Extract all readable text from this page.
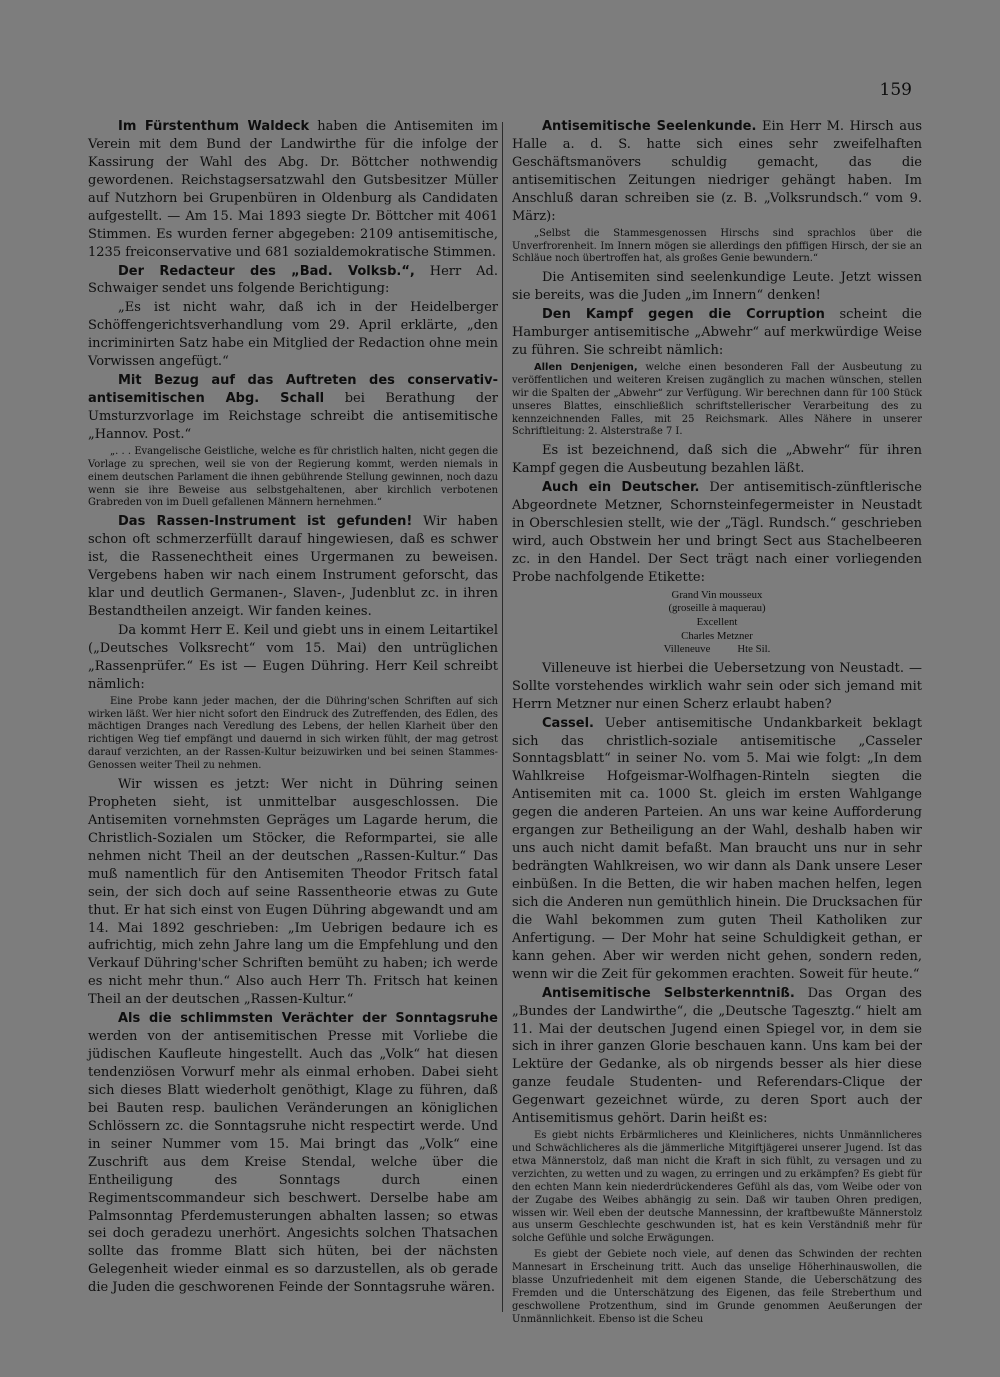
159

Im Fürstenthum Waldeck haben die Antisemiten im Verein mit dem Bund der Landwirthe für die infolge der Kassirung der Wahl des Abg. Dr. Böttcher nothwendig gewordenen. Reichstagsersatzwahl den Gutsbesitzer Müller auf Nutzhorn bei Grupenbüren in Oldenburg als Candidaten aufgestellt. — Am 15. Mai 1893 siegte Dr. Böttcher mit 4061 Stimmen. Es wurden ferner abgegeben: 2109 antisemitische, 1235 freiconservative und 681 sozialdemokratische Stimmen.

Der Redacteur des „Bad. Volksb.“, Herr Ad. Schwaiger sendet uns folgende Berichtigung:

„Es ist nicht wahr, daß ich in der Heidelberger Schöffengerichtsverhandlung vom 29. April erklärte, „den incriminirten Satz habe ein Mitglied der Redaction ohne mein Vorwissen angefügt.“

Mit Bezug auf das Auftreten des conservativ-antisemitischen Abg. Schall bei Berathung der Umsturzvorlage im Reichstage schreibt die antisemitische „Hannov. Post.“

„. . . Evangelische Geistliche, welche es für christlich halten, nicht gegen die Vorlage zu sprechen, weil sie von der Regierung kommt, werden niemals in einem deutschen Parlament die ihnen gebührende Stellung gewinnen, noch dazu wenn sie ihre Beweise aus selbstgehaltenen, aber kirchlich verbotenen Grabreden von im Duell gefallenen Männern hernehmen.“

Das Rassen-Instrument ist gefunden! Wir haben schon oft schmerzerfüllt darauf hingewiesen, daß es schwer ist, die Rassenechtheit eines Urgermanen zu beweisen. Vergebens haben wir nach einem Instrument geforscht, das klar und deutlich Germanen-, Slaven-, Judenblut zc. in ihren Bestandtheilen anzeigt. Wir fanden keines.

Da kommt Herr E. Keil und giebt uns in einem Leitartikel („Deutsches Volksrecht“ vom 15. Mai) den untrüglichen „Rassenprüfer.“ Es ist — Eugen Dühring. Herr Keil schreibt nämlich:

Eine Probe kann jeder machen, der die Dühring'schen Schriften auf sich wirken läßt. Wer hier nicht sofort den Eindruck des Zutreffenden, des Edlen, des mächtigen Dranges nach Veredlung des Lebens, der hellen Klarheit über den richtigen Weg tief empfängt und dauernd in sich wirken fühlt, der mag getrost darauf verzichten, an der Rassen-Kultur beizuwirken und bei seinen Stammes-Genossen weiter Theil zu nehmen.

Wir wissen es jetzt: Wer nicht in Dühring seinen Propheten sieht, ist unmittelbar ausgeschlossen. Die Antisemiten vornehmsten Gepräges um Lagarde herum, die Christlich-Sozialen um Stöcker, die Reformpartei, sie alle nehmen nicht Theil an der deutschen „Rassen-Kultur.“ Das muß namentlich für den Antisemiten Theodor Fritsch fatal sein, der sich doch auf seine Rassentheorie etwas zu Gute thut. Er hat sich einst von Eugen Dühring abgewandt und am 14. Mai 1892 geschrieben: „Im Uebrigen bedaure ich es aufrichtig, mich zehn Jahre lang um die Empfehlung und den Verkauf Dühring'scher Schriften bemüht zu haben; ich werde es nicht mehr thun.“ Also auch Herr Th. Fritsch hat keinen Theil an der deutschen „Rassen-Kultur.“

Als die schlimmsten Verächter der Sonntagsruhe werden von der antisemitischen Presse mit Vorliebe die jüdischen Kaufleute hingestellt. Auch das „Volk“ hat diesen tendenziösen Vorwurf mehr als einmal erhoben. Dabei sieht sich dieses Blatt wiederholt genöthigt, Klage zu führen, daß bei Bauten resp. baulichen Veränderungen an königlichen Schlössern zc. die Sonntagsruhe nicht respectirt werde. Und in seiner Nummer vom 15. Mai bringt das „Volk“ eine Zuschrift aus dem Kreise Stendal, welche über die Entheiligung des Sonntags durch einen Regimentscommandeur sich beschwert. Derselbe habe am Palmsonntag Pferdemusterungen abhalten lassen; so etwas sei doch geradezu unerhört. Angesichts solchen Thatsachen sollte das fromme Blatt sich hüten, bei der nächsten Gelegenheit wieder einmal es so darzustellen, als ob gerade die Juden die geschworenen Feinde der Sonntagsruhe wären.

Antisemitische Seelenkunde. Ein Herr M. Hirsch aus Halle a. d. S. hatte sich eines sehr zweifelhaften Geschäftsmanövers schuldig gemacht, das die antisemitischen Zeitungen niedriger gehängt haben. Im Anschluß daran schreiben sie (z. B. „Volksrundsch.“ vom 9. März):

„Selbst die Stammesgenossen Hirschs sind sprachlos über die Unverfrorenheit. Im Innern mögen sie allerdings den pfiffigen Hirsch, der sie an Schläue noch übertroffen hat, als großes Genie bewundern.“

Die Antisemiten sind seelenkundige Leute. Jetzt wissen sie bereits, was die Juden „im Innern“ denken!

Den Kampf gegen die Corruption scheint die Hamburger antisemitische „Abwehr“ auf merkwürdige Weise zu führen. Sie schreibt nämlich:

Allen Denjenigen, welche einen besonderen Fall der Ausbeutung zu veröffentlichen und weiteren Kreisen zugänglich zu machen wünschen, stellen wir die Spalten der „Abwehr“ zur Verfügung. Wir berechnen dann für 100 Stück unseres Blattes, einschließlich schriftstellerischer Verarbeitung des zu kennzeichnenden Falles, mit 25 Reichsmark. Alles Nähere in unserer Schriftleitung: 2. Alsterstraße 7 I.

Es ist bezeichnend, daß sich die „Abwehr“ für ihren Kampf gegen die Ausbeutung bezahlen läßt.

Auch ein Deutscher. Der antisemitisch-zünftlerische Abgeordnete Metzner, Schornsteinfegermeister in Neustadt in Oberschlesien stellt, wie der „Tägl. Rundsch.“ geschrieben wird, auch Obstwein her und bringt Sect aus Stachelbeeren zc. in den Handel. Der Sect trägt nach einer vorliegenden Probe nachfolgende Etikette:

Grand Vin mousseux
(groseille à maquerau)
Excellent
Charles Metzner
Villeneuve          Hte Sil.

Villeneuve ist hierbei die Uebersetzung von Neustadt. — Sollte vorstehendes wirklich wahr sein oder sich jemand mit Herrn Metzner nur einen Scherz erlaubt haben?

Cassel. Ueber antisemitische Undankbarkeit beklagt sich das christlich-soziale antisemitische „Casseler Sonntagsblatt“ in seiner No. vom 5. Mai wie folgt: „In dem Wahlkreise Hofgeismar-Wolfhagen-Rinteln siegten die Antisemiten mit ca. 1000 St. gleich im ersten Wahlgange gegen die anderen Parteien. An uns war keine Aufforderung ergangen zur Betheiligung an der Wahl, deshalb haben wir uns auch nicht damit befaßt. Man braucht uns nur in sehr bedrängten Wahlkreisen, wo wir dann als Dank unsere Leser einbüßen. In die Betten, die wir haben machen helfen, legen sich die Anderen nun gemüthlich hinein. Die Drucksachen für die Wahl bekommen zum guten Theil Katholiken zur Anfertigung. — Der Mohr hat seine Schuldigkeit gethan, er kann gehen. Aber wir werden nicht gehen, sondern reden, wenn wir die Zeit für gekommen erachten. Soweit für heute.“

Antisemitische Selbsterkenntniß. Das Organ des „Bundes der Landwirthe“, die „Deutsche Tagesztg.“ hielt am 11. Mai der deutschen Jugend einen Spiegel vor, in dem sie sich in ihrer ganzen Glorie beschauen kann. Uns kam bei der Lektüre der Gedanke, als ob nirgends besser als hier diese ganze feudale Studenten- und Referendars-Clique der Gegenwart gezeichnet würde, zu deren Sport auch der Antisemitismus gehört. Darin heißt es:

Es giebt nichts Erbärmlicheres und Kleinlicheres, nichts Unmännlicheres und Schwächlicheres als die jämmerliche Mitgiftjägerei unserer Jugend. Ist das etwa Männerstolz, daß man nicht die Kraft in sich fühlt, zu versagen und zu verzichten, zu wetten und zu wagen, zu erringen und zu erkämpfen? Es giebt für den echten Mann kein niederdrückenderes Gefühl als das, vom Weibe oder von der Zugabe des Weibes abhängig zu sein. Daß wir tauben Ohren predigen, wissen wir. Weil eben der deutsche Mannessinn, der kraftbewußte Männerstolz aus unserm Geschlechte geschwunden ist, hat es kein Verständniß mehr für solche Gefühle und solche Erwägungen.

Es giebt der Gebiete noch viele, auf denen das Schwinden der rechten Mannesart in Erscheinung tritt. Auch das unselige Höherhinauswollen, die blasse Unzufriedenheit mit dem eigenen Stande, die Ueberschätzung des Fremden und die Unterschätzung des Eigenen, das feile Streberthum und geschwollene Protzenthum, sind im Grunde genommen Aeußerungen der Unmännlichkeit. Ebenso ist die Scheu
